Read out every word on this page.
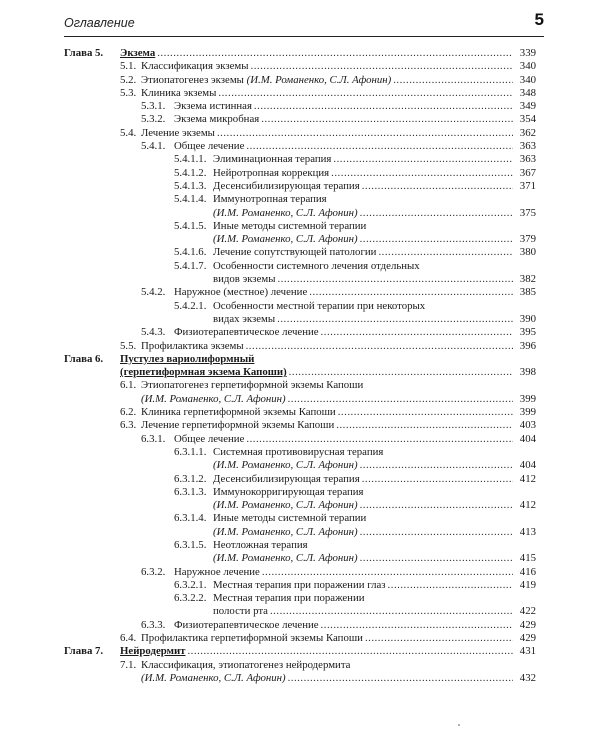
Оглавление	5
Глава 5. Экзема .....	339
5.1. Классификация экземы .....	340
5.2. Этиопатогенез экземы (И.М. Романенко, С.Л. Афонин) .....	340
5.3. Клиника экземы .....	348
5.3.1. Экзема истинная .....	349
5.3.2. Экзема микробная .....	354
5.4. Лечение экземы .....	362
5.4.1. Общее лечение .....	363
5.4.1.1. Элиминационная терапия .....	363
5.4.1.2. Нейротропная коррекция .....	367
5.4.1.3. Десенсибилизирующая терапия .....	371
5.4.1.4. Иммунотропная терапия
(И.М. Романенко, С.Л. Афонин) .....	375
5.4.1.5. Иные методы системной терапии
(И.М. Романенко, С.Л. Афонин) .....	379
5.4.1.6. Лечение сопутствующей патологии .....	380
5.4.1.7. Особенности системного лечения отдельных
видов экземы .....	382
5.4.2. Наружное (местное) лечение .....	385
5.4.2.1. Особенности местной терапии при некоторых
видах экземы .....	390
5.4.3. Физиотерапевтическое лечение .....	395
5.5. Профилактика экземы .....	396
Глава 6. Пустулез вариолиформный
(герпетиформная экзема Капоши) .....	398
6.1. Этиопатогенез герпетиформной экземы Капоши
(И.М. Романенко, С.Л. Афонин) .....	399
6.2. Клиника герпетиформной экземы Капоши .....	399
6.3. Лечение герпетиформной экземы Капоши .....	403
6.3.1. Общее лечение .....	404
6.3.1.1. Системная противовирусная терапия
(И.М. Романенко, С.Л. Афонин) .....	404
6.3.1.2. Десенсибилизирующая терапия .....	412
6.3.1.3. Иммунокорригирующая терапия
(И.М. Романенко, С.Л. Афонин) .....	412
6.3.1.4. Иные методы системной терапии
(И.М. Романенко, С.Л. Афонин) .....	413
6.3.1.5. Неотложная терапия
(И.М. Романенко, С.Л. Афонин) .....	415
6.3.2. Наружное лечение .....	416
6.3.2.1. Местная терапия при поражении глаз .....	419
6.3.2.2. Местная терапия при поражении
полости рта .....	422
6.3.3. Физиотерапевтическое лечение .....	429
6.4. Профилактика герпетиформной экземы Капоши .....	429
Глава 7. Нейродермит .....	431
7.1. Классификация, этиопатогенез нейродермита
(И.М. Романенко, С.Л. Афонин) .....	432
